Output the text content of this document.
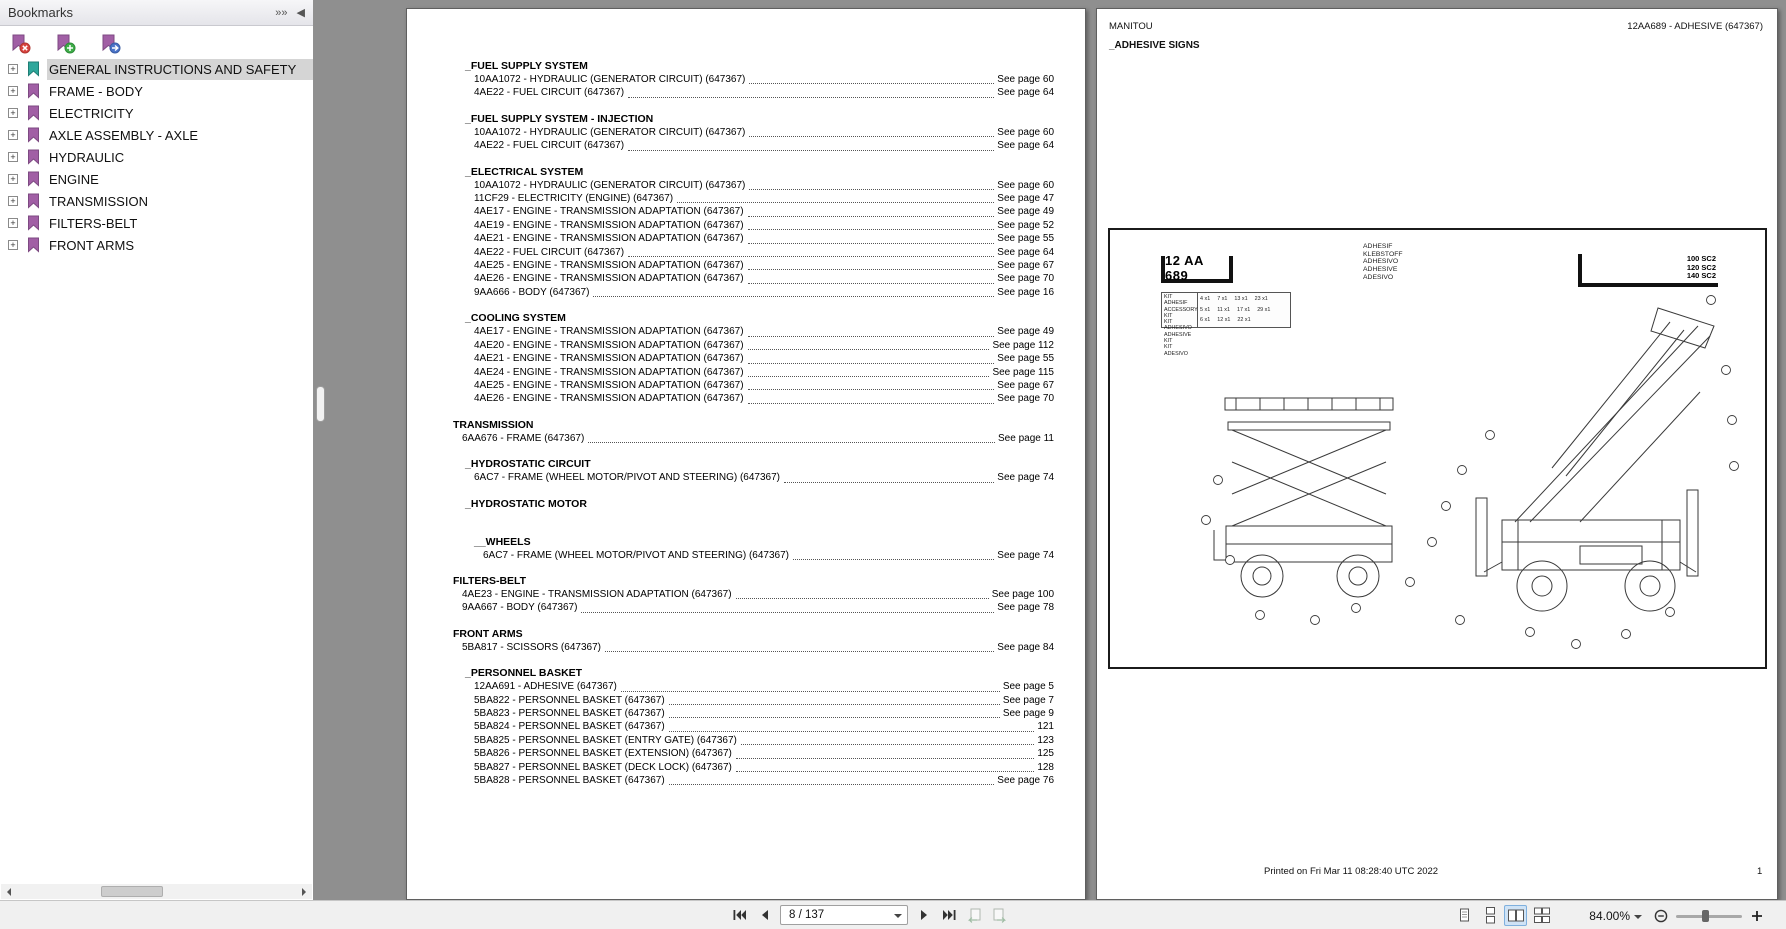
Bookmarks	»» ◀
+	GENERAL INSTRUCTIONS AND SAFETY
+	FRAME - BODY
+	ELECTRICITY
+	AXLE ASSEMBLY - AXLE
+	HYDRAULIC
+	ENGINE
+	TRANSMISSION
+	FILTERS-BELT
+	FRONT ARMS
_FUEL SUPPLY SYSTEM
10AA1072 - HYDRAULIC (GENERATOR CIRCUIT) (647367)	See page 60
4AE22 - FUEL CIRCUIT (647367)	See page 64
_FUEL SUPPLY SYSTEM - INJECTION
10AA1072 - HYDRAULIC (GENERATOR CIRCUIT) (647367)	See page 60
4AE22 - FUEL CIRCUIT (647367)	See page 64
_ELECTRICAL SYSTEM
10AA1072 - HYDRAULIC (GENERATOR CIRCUIT) (647367)	See page 60
11CF29 - ELECTRICITY (ENGINE) (647367)	See page 47
4AE17 - ENGINE - TRANSMISSION ADAPTATION (647367)	See page 49
4AE19 - ENGINE - TRANSMISSION ADAPTATION (647367)	See page 52
4AE21 - ENGINE - TRANSMISSION ADAPTATION (647367)	See page 55
4AE22 - FUEL CIRCUIT (647367)	See page 64
4AE25 - ENGINE - TRANSMISSION ADAPTATION (647367)	See page 67
4AE26 - ENGINE - TRANSMISSION ADAPTATION (647367)	See page 70
9AA666 - BODY (647367)	See page 16
_COOLING SYSTEM
4AE17 - ENGINE - TRANSMISSION ADAPTATION (647367)	See page 49
4AE20 - ENGINE - TRANSMISSION ADAPTATION (647367)	See page 112
4AE21 - ENGINE - TRANSMISSION ADAPTATION (647367)	See page 55
4AE24 - ENGINE - TRANSMISSION ADAPTATION (647367)	See page 115
4AE25 - ENGINE - TRANSMISSION ADAPTATION (647367)	See page 67
4AE26 - ENGINE - TRANSMISSION ADAPTATION (647367)	See page 70
TRANSMISSION
6AA676 - FRAME (647367)	See page 11
_HYDROSTATIC CIRCUIT
6AC7 - FRAME (WHEEL MOTOR/PIVOT AND STEERING) (647367)	See page 74
_HYDROSTATIC MOTOR
__WHEELS
6AC7 - FRAME (WHEEL MOTOR/PIVOT AND STEERING) (647367)	See page 74
FILTERS-BELT
4AE23 - ENGINE - TRANSMISSION ADAPTATION (647367)	See page 100
9AA667 - BODY (647367)	See page 78
FRONT ARMS
5BA817 - SCISSORS (647367)	See page 84
_PERSONNEL BASKET
12AA691 - ADHESIVE (647367)	See page 5
5BA822 - PERSONNEL BASKET (647367)	See page 7
5BA823 - PERSONNEL BASKET (647367)	See page 9
5BA824 - PERSONNEL BASKET (647367)	121
5BA825 - PERSONNEL BASKET (ENTRY GATE) (647367)	123
5BA826 - PERSONNEL BASKET (EXTENSION) (647367)	125
5BA827 - PERSONNEL BASKET (DECK LOCK) (647367)	128
5BA828 - PERSONNEL BASKET (647367)	See page 76
MANITOU	12AA689 - ADHESIVE (647367)
_ADHESIVE SIGNS
12 AA 689
ADHESIF
KLEBSTOFF
ADHESIVO
ADHESIVE
ADESIVO
100 SC2
120 SC2
140 SC2
KIT ADHESIF
ACCESSORY KIT
KIT ADHESIVO
ADHESIVE KIT
KIT ADESIVO
4 x1 7 x1 13 x1 23 x1
5 x1 11 x1 17 x1 29 x1
6 x1 12 x1 22 x1
Printed on Fri Mar 11 08:28:40 UTC 2022	1
8 / 137	84.00%
